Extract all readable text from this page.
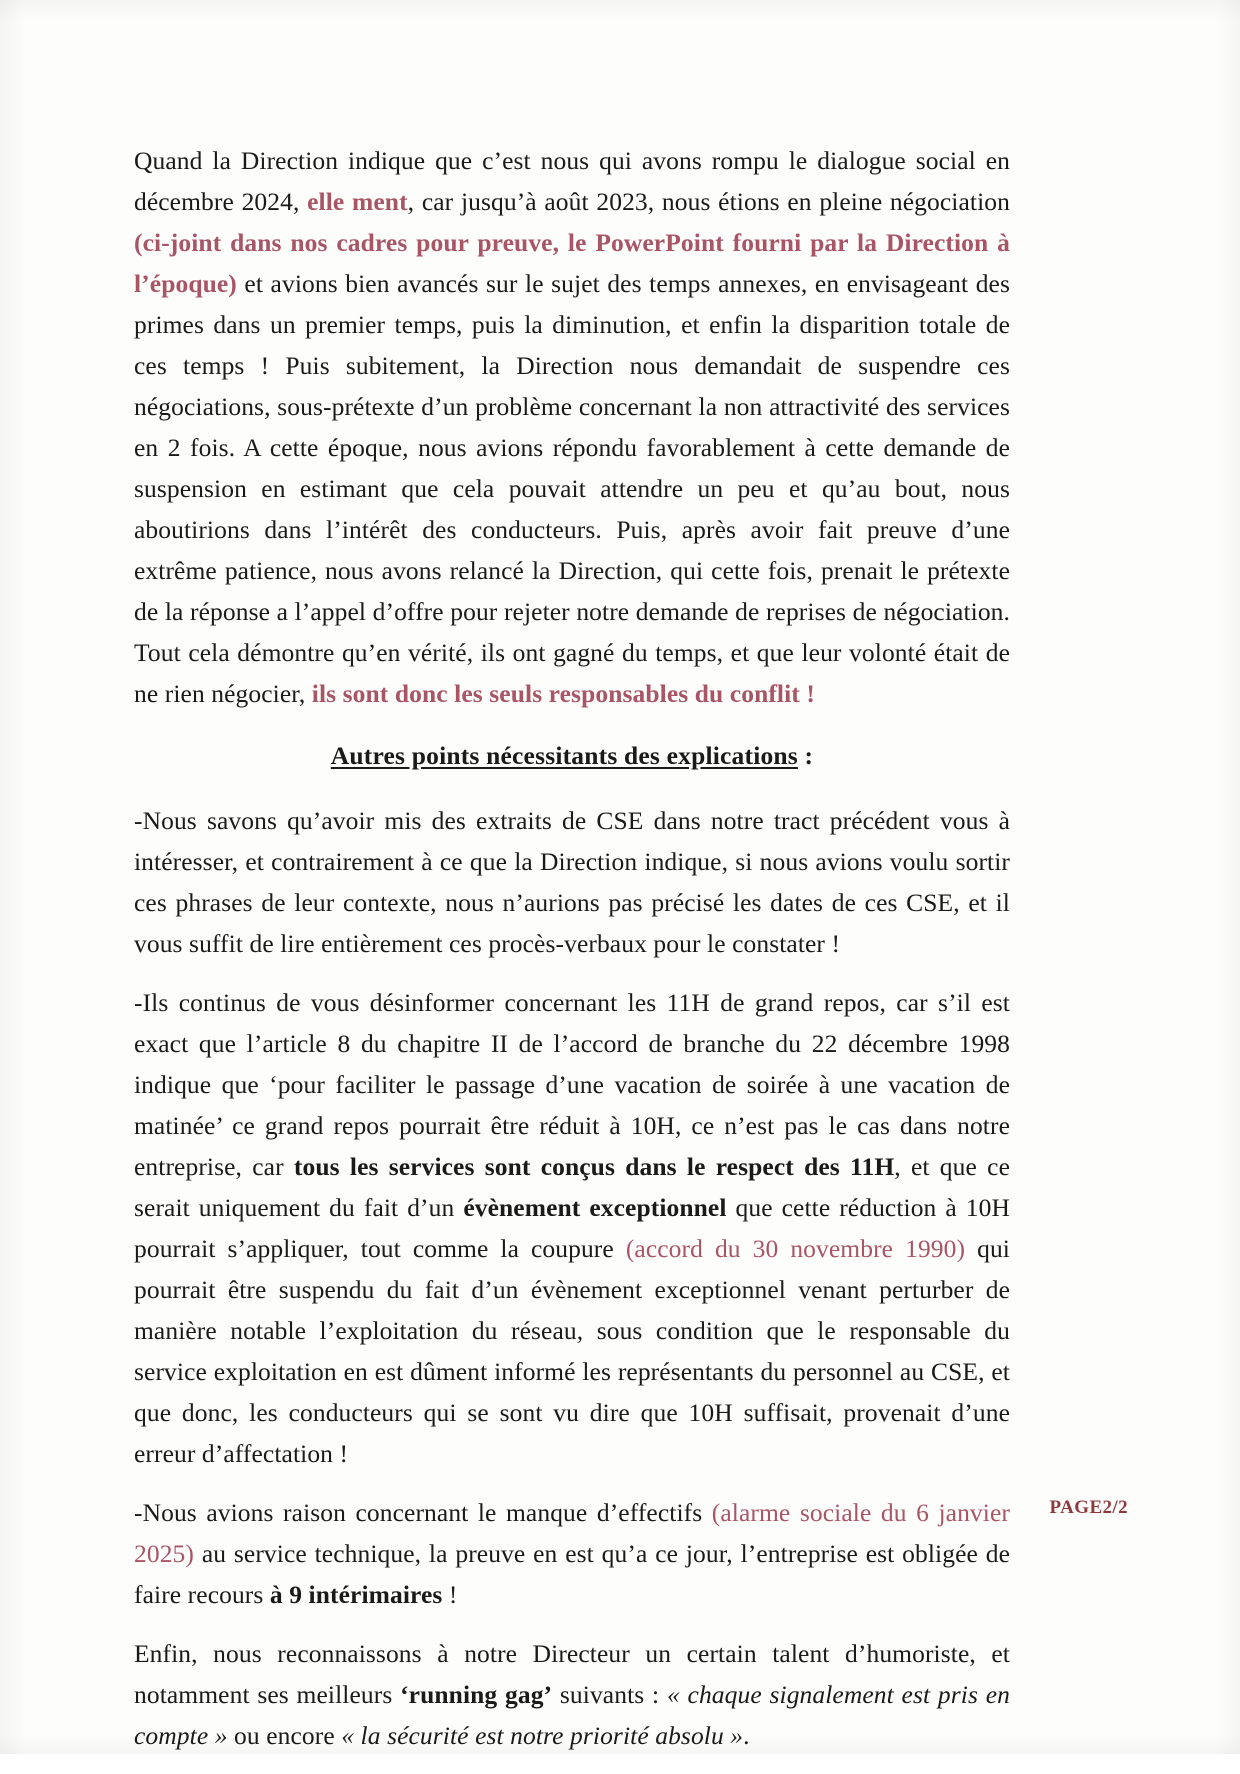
Quand la Direction indique que c’est nous qui avons rompu le dialogue social en décembre 2024, elle ment, car jusqu’à août 2023, nous étions en pleine négociation (ci-joint dans nos cadres pour preuve, le PowerPoint fourni par la Direction à l’époque) et avions bien avancés sur le sujet des temps annexes, en envisageant des primes dans un premier temps, puis la diminution, et enfin la disparition totale de ces temps ! Puis subitement, la Direction nous demandait de suspendre ces négociations, sous-prétexte d’un problème concernant la non attractivité des services en 2 fois. A cette époque, nous avions répondu favorablement à cette demande de suspension en estimant que cela pouvait attendre un peu et qu’au bout, nous aboutirions dans l’intérêt des conducteurs. Puis, après avoir fait preuve d’une extrême patience, nous avons relancé la Direction, qui cette fois, prenait le prétexte de la réponse a l’appel d’offre pour rejeter notre demande de reprises de négociation. Tout cela démontre qu’en vérité, ils ont gagné du temps, et que leur volonté était de ne rien négocier, ils sont donc les seuls responsables du conflit !

Autres points nécessitants des explications :

-Nous savons qu’avoir mis des extraits de CSE dans notre tract précédent vous à intéresser, et contrairement à ce que la Direction indique, si nous avions voulu sortir ces phrases de leur contexte, nous n’aurions pas précisé les dates de ces CSE, et il vous suffit de lire entièrement ces procès-verbaux pour le constater !

-Ils continus de vous désinformer concernant les 11H de grand repos, car s’il est exact que l’article 8 du chapitre II de l’accord de branche du 22 décembre 1998 indique que ‘pour faciliter le passage d’une vacation de soirée à une vacation de matinée’ ce grand repos pourrait être réduit à 10H, ce n’est pas le cas dans notre entreprise, car tous les services sont conçus dans le respect des 11H, et que ce serait uniquement du fait d’un évènement exceptionnel que cette réduction à 10H pourrait s’appliquer, tout comme la coupure (accord du 30 novembre 1990) qui pourrait être suspendu du fait d’un évènement exceptionnel venant perturber de manière notable l’exploitation du réseau, sous condition que le responsable du service exploitation en est dûment informé les représentants du personnel au CSE, et que donc, les conducteurs qui se sont vu dire que 10H suffisait, provenait d’une erreur d’affectation !

-Nous avions raison concernant le manque d’effectifs (alarme sociale du 6 janvier 2025) au service technique, la preuve en est qu’a ce jour, l’entreprise est obligée de faire recours à 9 intérimaires !

Enfin, nous reconnaissons à notre Directeur un certain talent d’humoriste, et notamment ses meilleurs ‘running gag’ suivants : « chaque signalement est pris en compte » ou encore « la sécurité est notre priorité absolu ».

PAGE2/2
